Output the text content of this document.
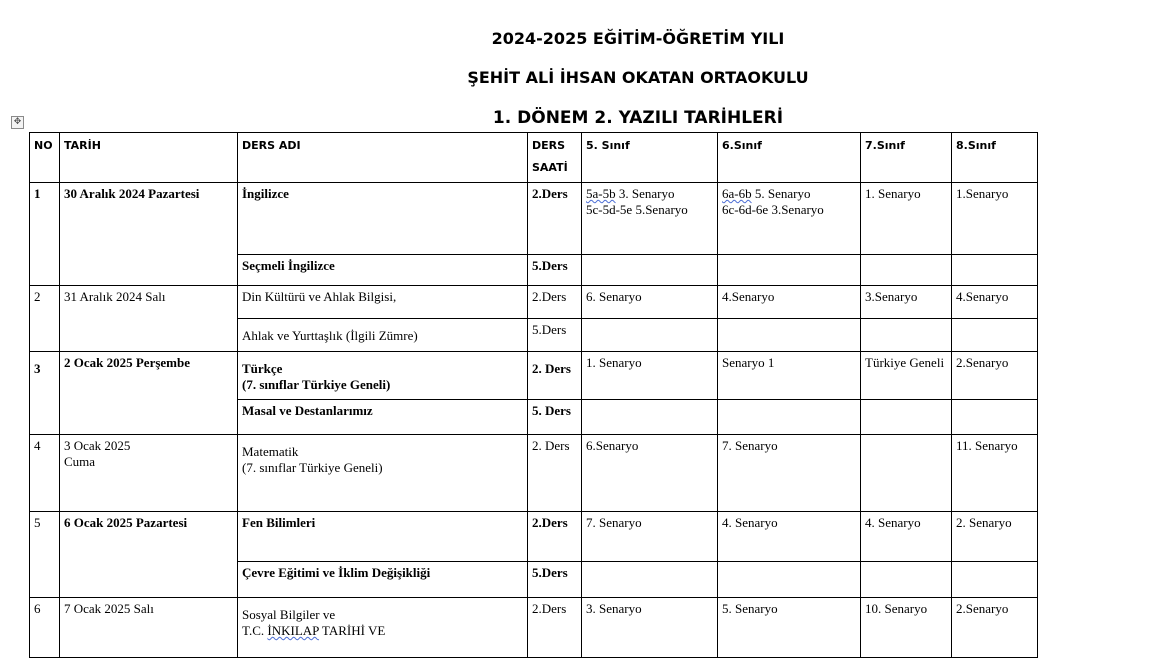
2024-2025 EĞİTİM-ÖĞRETİM YILI
ŞEHİT ALİ İHSAN OKATAN ORTAOKULU
1. DÖNEM 2. YAZILI TARİHLERİ
✥
NO	TARİH	DERS ADI	DERS
SAATİ	5. Sınıf	6.Sınıf	7.Sınıf	8.Sınıf
1	30 Aralık 2024 Pazartesi	İngilizce	2.Ders	5a-5b 3. Senaryo
5c-5d-5e 5.Senaryo	6a-6b 5. Senaryo
6c-6d-6e 3.Senaryo	1. Senaryo	1.Senaryo
		Seçmeli İngilizce	5.Ders				
2	31 Aralık 2024 Salı	Din Kültürü ve Ahlak Bilgisi,	2.Ders	6. Senaryo	4.Senaryo	3.Senaryo	4.Senaryo
		Ahlak ve Yurttaşlık (İlgili Zümre)	5.Ders				
3	2 Ocak 2025 Perşembe	Türkçe
(7. sınıflar Türkiye Geneli)	2. Ders	1. Senaryo	Senaryo 1	Türkiye Geneli	2.Senaryo
		Masal ve Destanlarımız	5. Ders				
4	3 Ocak 2025
Cuma	Matematik
(7. sınıflar Türkiye Geneli)	2. Ders	6.Senaryo	7. Senaryo		11. Senaryo
5	6 Ocak 2025 Pazartesi	Fen Bilimleri	2.Ders	7. Senaryo	4. Senaryo	4. Senaryo	2. Senaryo
		Çevre Eğitimi ve İklim Değişikliği	5.Ders				
6	7 Ocak 2025 Salı	Sosyal Bilgiler ve
T.C. İNKILAP TARİHİ VE	2.Ders	3. Senaryo	5. Senaryo	10. Senaryo	2.Senaryo
